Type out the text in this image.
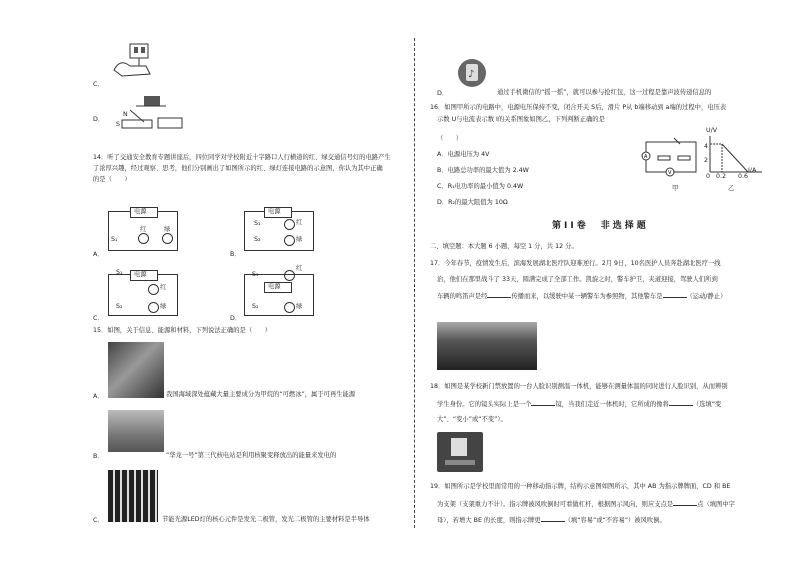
C．
N
S
D．
14．听了交通安全教育专题讲座后，四位同学对学校附近十字路口人行横道的红、绿交通信号灯的电路产生
了浓厚兴趣，经过观察、思考，他们分别画出了如图所示的红、绿灯连接电路的示意图，你认为其中正确
的是（　　）
电源
S₁
红	绿
A．
电源
红
绿
S₁
S₂
B．
电源
红
绿
S₁
S₂
C．
电源
红
绿
S₁
S₂
D．
15．如图，关于信息、能源和材料，下列说法正确的是（　　）
A．	我国海域深处蕴藏大量主要成分为甲烷的“可燃冰”，属于可再生能源
B．	“华龙一号”第三代核电站是利用核聚变释放出的能量来发电的
C．	节能光源LED灯的核心元件是发光二极管，发光二极管的主要材料是半导体
♪
D．	通过手机微信的“摇一摇”，就可以参与抢红包，这一过程是靠声波传递信息的
16．如图甲所示的电路中，电源电压保持不变，闭合开关 S后，滑片 P从 b端移动到 a端的过程中，电压表
示数 U与电流表示数 I的关系图象如图乙，下列判断正确的是
（　　）
A．电源电压为 4V
B．电路总功率的最大值为 2.4W
C．R₁电功率的最小值为 0.4W
D．R₂的最大阻值为 10Ω
A
V
甲
U/V
I/A
4
2
0 0.2 0.6
乙
第II卷　非选择题
二、填空题：本大题 6 小题，每空 1 分，共 12 分。
17．今年春节，疫情发生后，滨海发展湖北医疗队迎难逆行。2月 9日，10名医护人员奔赴湖北医疗一线
治，他们在那里战斗了 33天，圆满完成了全部工作。凯旋之时，警车护卫，夹道迎接，驾驶人们所到
车辆的鸣笛声是经	传播而来，以缓驶中某一辆警车为参照物，其他警车是	（运动/静止）
18．如图是某学校新门禁放置的一台人脸识别测温一体机，能够在测量体温的同时进行人脸识别，从而辨别
学生身份。它的镜头实际上是一个	镜，当我们走近一体机时，它所成的像将	（选填“变
大”、“变小”或“不变”）。
19．如图所示是学校里面常用的一种移动指示牌，结构示意图如图所示，其中 AB 为指示牌牌面，CD 和 BE
为支架（支架重力不计）。指示牌被风吹倒时可看做杠杆，根据图示风向，则应支点是	点（填图中字
母），若增大 BE 的长度，则指示牌更	（填“容易”或“不容易”）被风吹倒。
